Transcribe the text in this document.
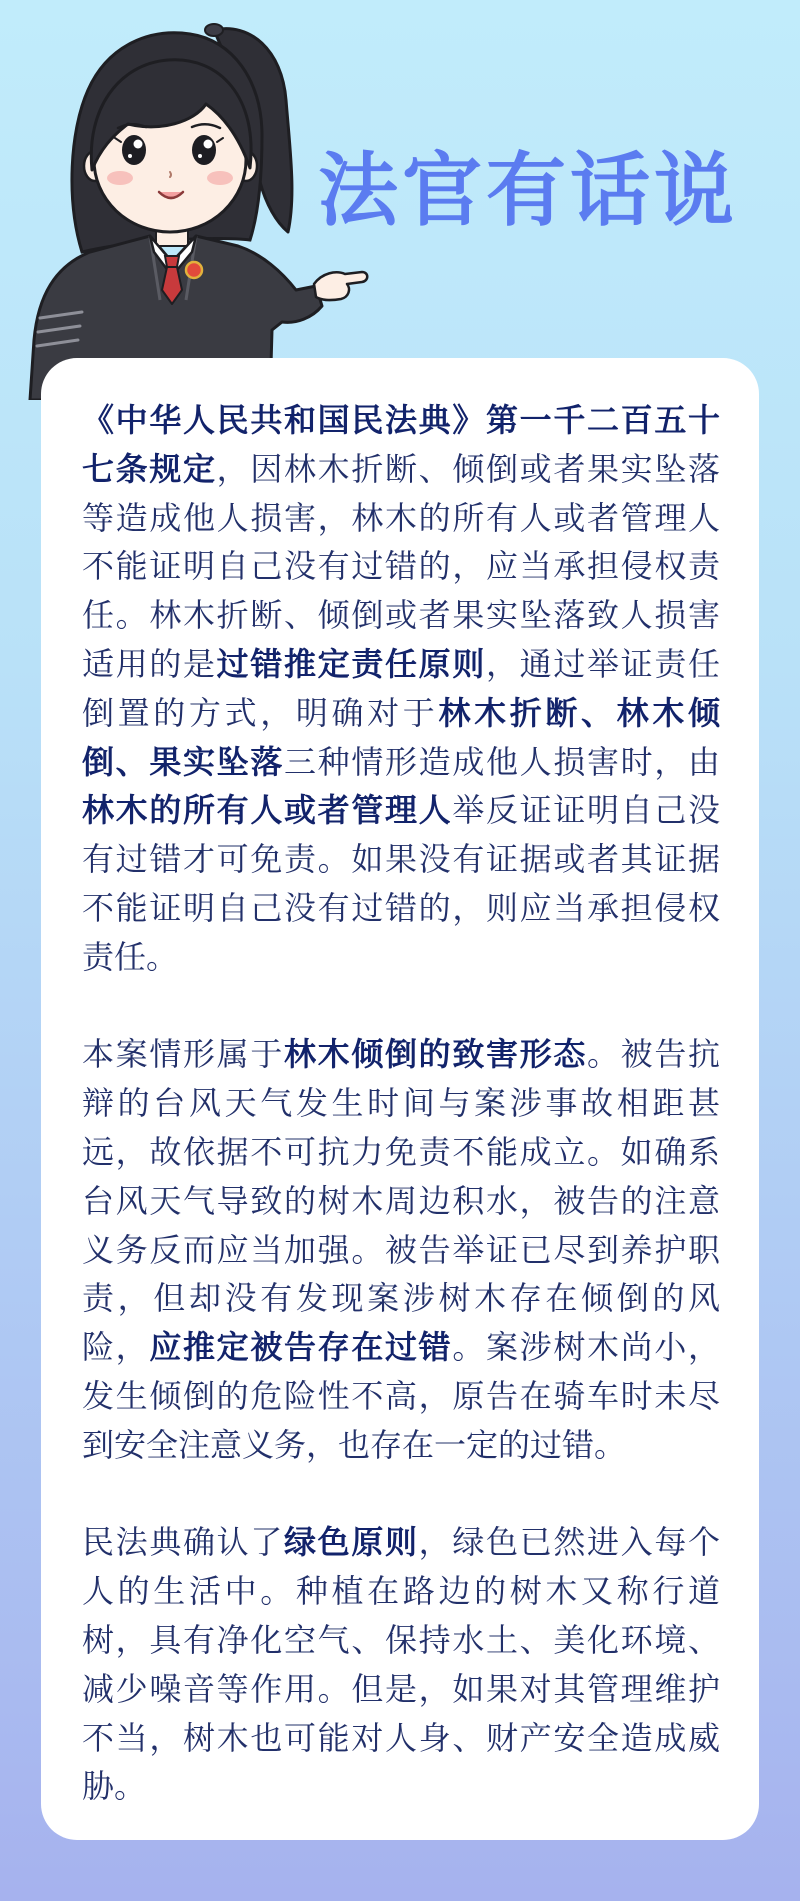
法官有话说
《中华人民共和国民法典》第一千二百五十
七条规定，因林木折断、倾倒或者果实坠落
等造成他人损害，林木的所有人或者管理人
不能证明自己没有过错的，应当承担侵权责
任。林木折断、倾倒或者果实坠落致人损害
适用的是过错推定责任原则，通过举证责任
倒置的方式，明确对于林木折断、林木倾
倒、果实坠落三种情形造成他人损害时，由
林木的所有人或者管理人举反证证明自己没
有过错才可免责。如果没有证据或者其证据
不能证明自己没有过错的，则应当承担侵权
责任。
本案情形属于林木倾倒的致害形态。被告抗
辩的台风天气发生时间与案涉事故相距甚
远，故依据不可抗力免责不能成立。如确系
台风天气导致的树木周边积水，被告的注意
义务反而应当加强。被告举证已尽到养护职
责，但却没有发现案涉树木存在倾倒的风
险，应推定被告存在过错。案涉树木尚小，
发生倾倒的危险性不高，原告在骑车时未尽
到安全注意义务，也存在一定的过错。
民法典确认了绿色原则，绿色已然进入每个
人的生活中。种植在路边的树木又称行道
树，具有净化空气、保持水土、美化环境、
减少噪音等作用。但是，如果对其管理维护
不当，树木也可能对人身、财产安全造成威
胁。
